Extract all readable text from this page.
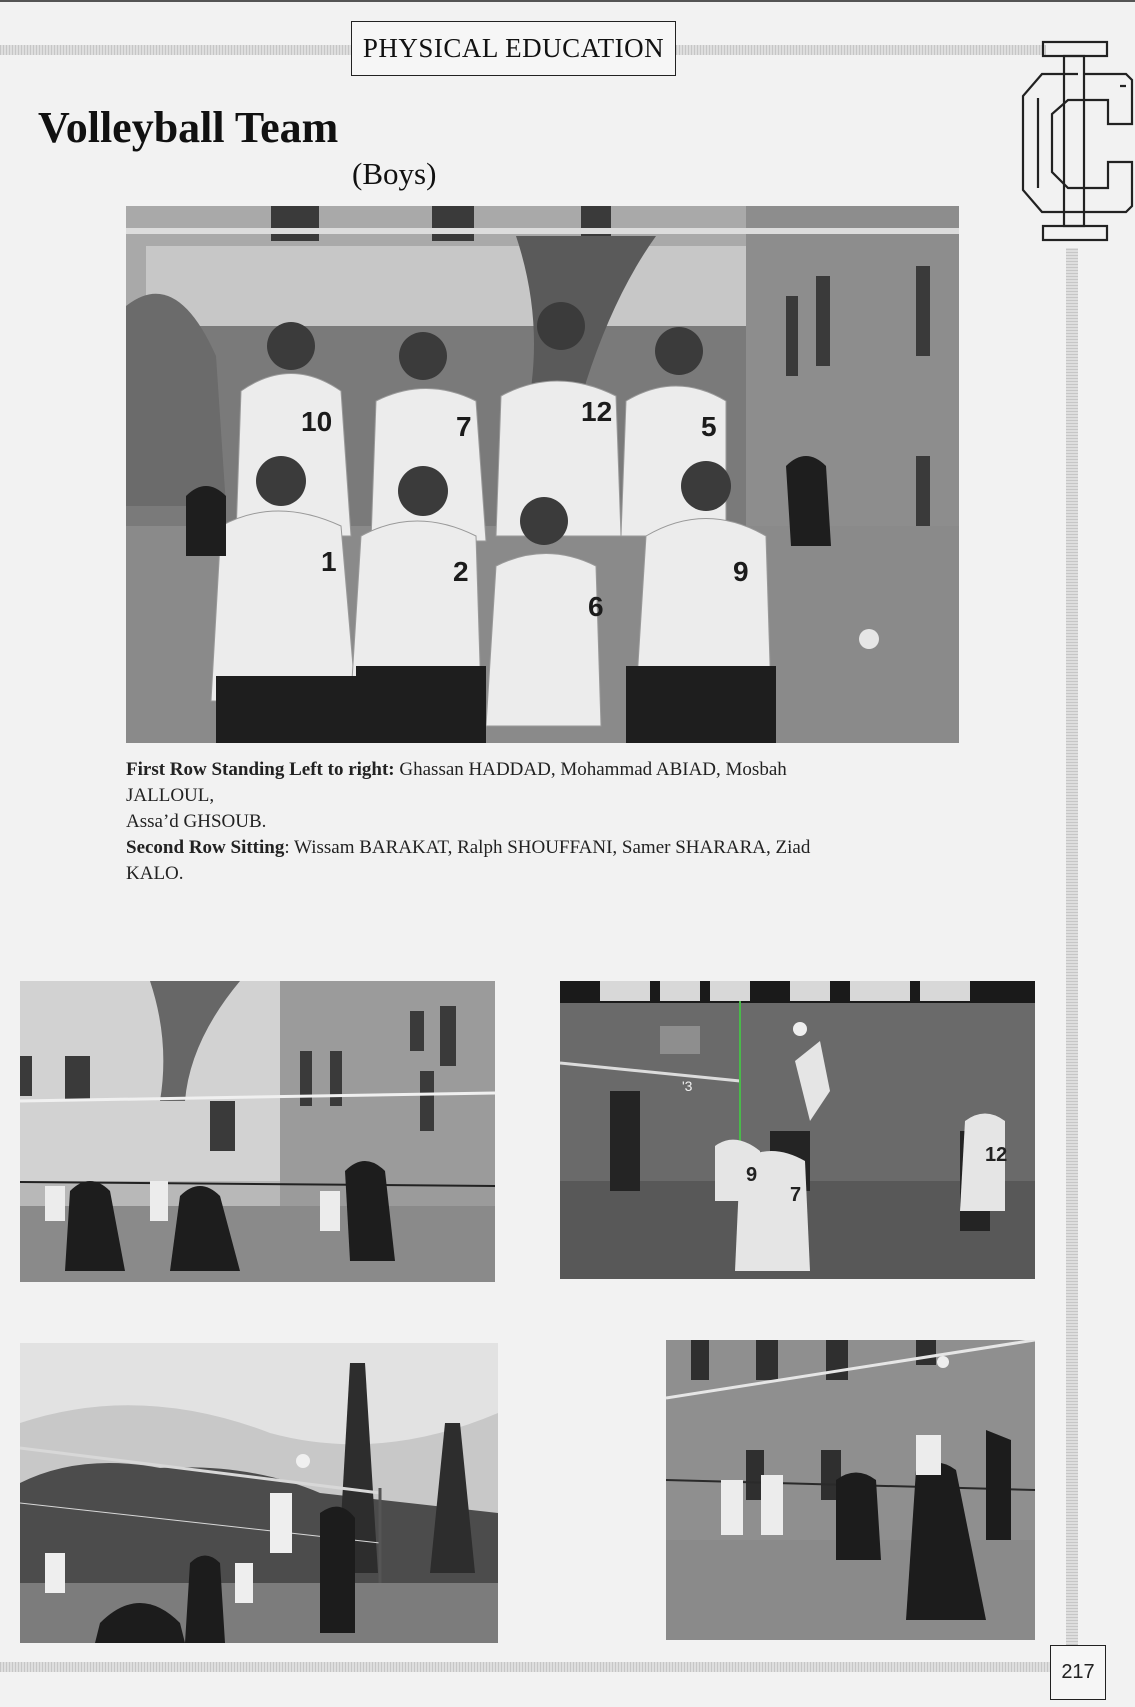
PHYSICAL EDUCATION
Volleyball Team
(Boys)
10	7	12	5
1	2
6
9
First Row Standing Left to right: Ghassan HADDAD, Mohammad ABIAD, Mosbah
JALLOUL,
Assa’d GHSOUB.
Second Row Sitting: Wissam BARAKAT, Ralph SHOUFFANI, Samer SHARARA, Ziad
KALO.
'3
9
7
12
217
